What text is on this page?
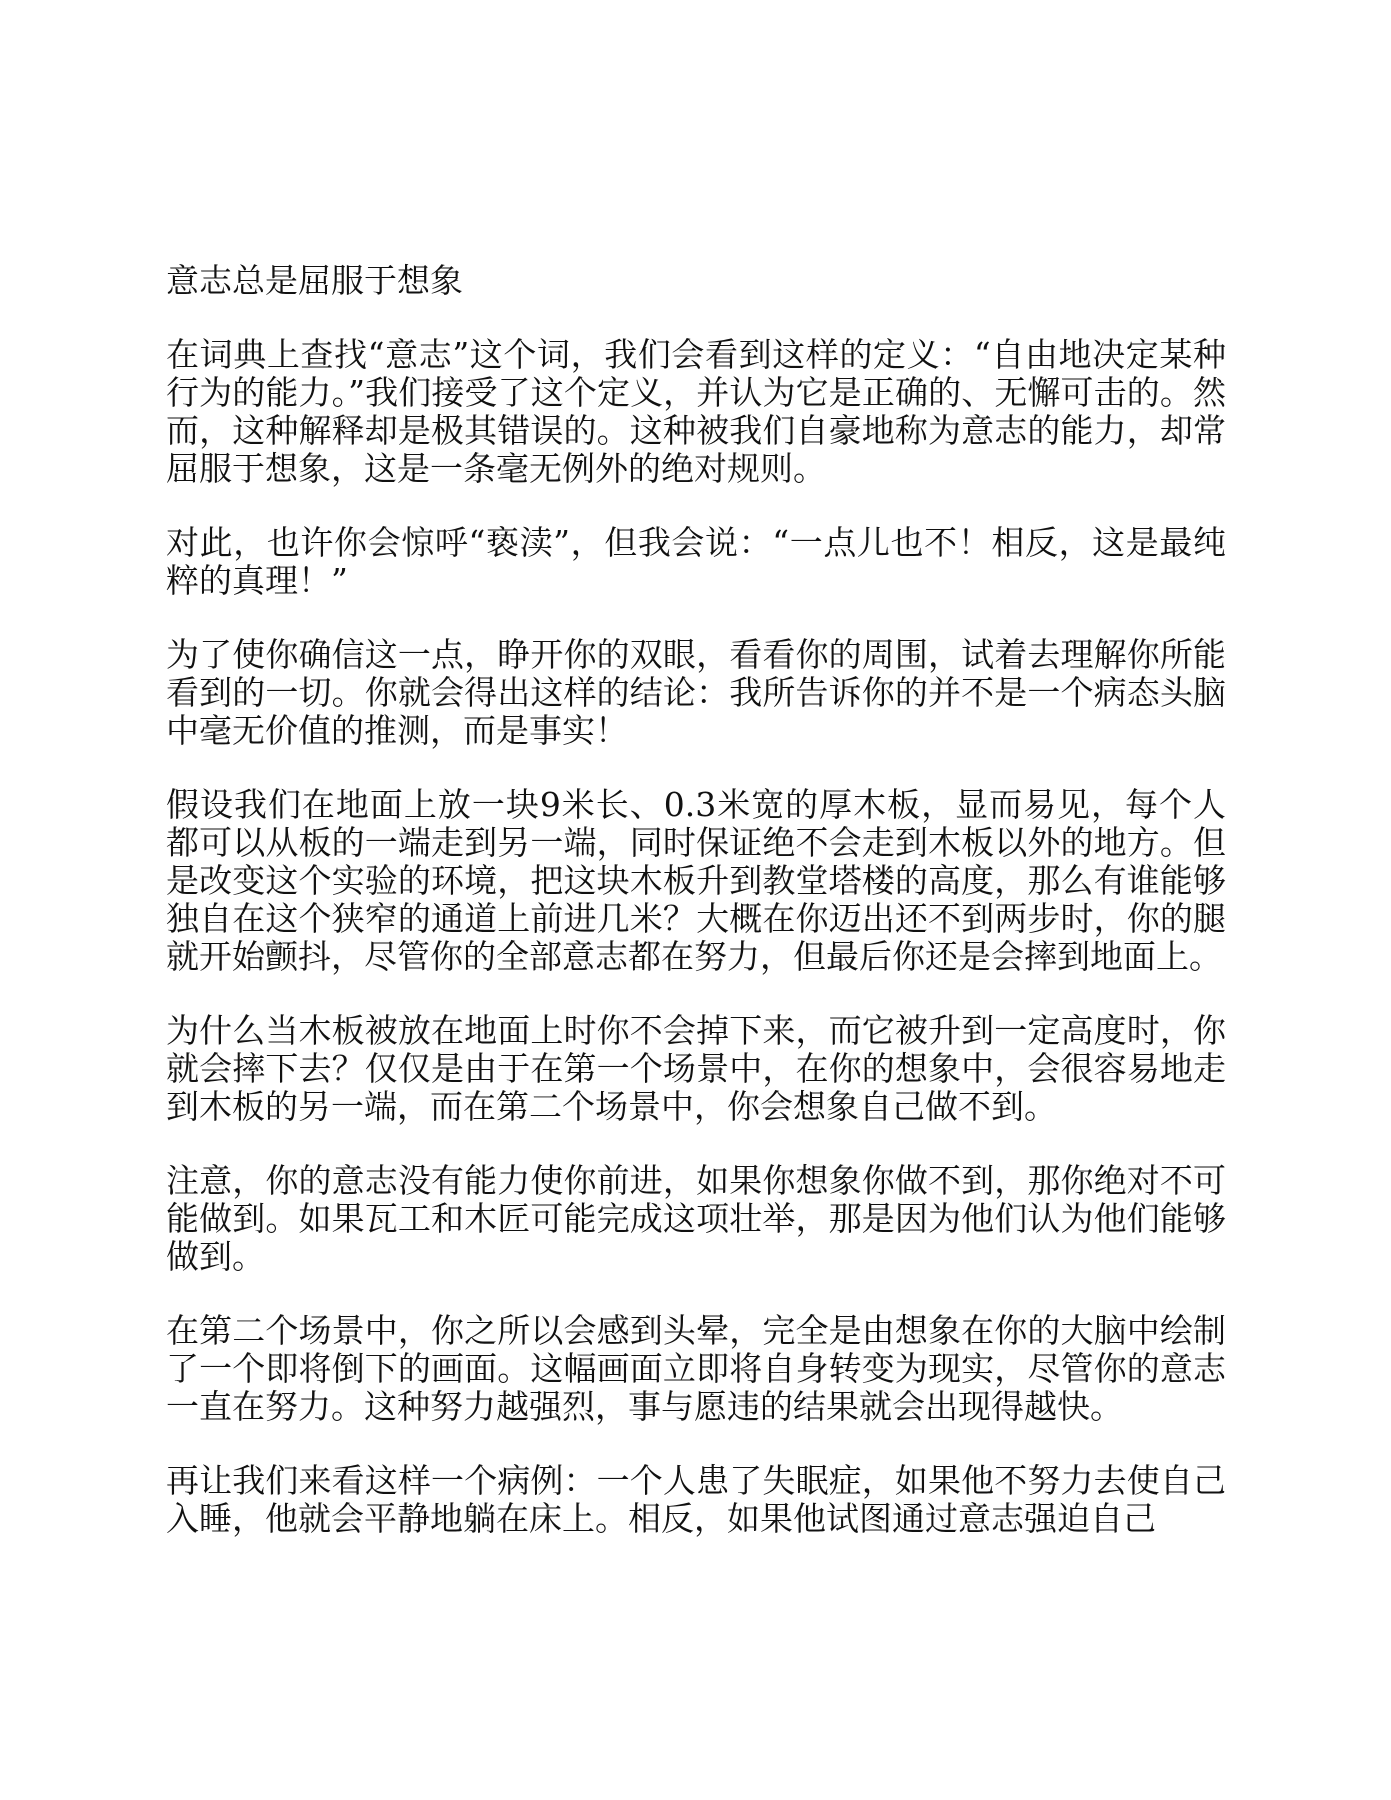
意志总是屈服于想象

在词典上查找“意志”这个词，我们会看到这样的定义：“自由地决定某种行为的能力。”我们接受了这个定义，并认为它是正确的、无懈可击的。然而，这种解释却是极其错误的。这种被我们自豪地称为意志的能力，却常屈服于想象，这是一条毫无例外的绝对规则。

对此，也许你会惊呼“亵渎”，但我会说：“一点儿也不！相反，这是最纯粹的真理！”

为了使你确信这一点，睁开你的双眼，看看你的周围，试着去理解你所能看到的一切。你就会得出这样的结论：我所告诉你的并不是一个病态头脑中毫无价值的推测，而是事实！

假设我们在地面上放一块9米长、0.3米宽的厚木板，显而易见，每个人都可以从板的一端走到另一端，同时保证绝不会走到木板以外的地方。但是改变这个实验的环境，把这块木板升到教堂塔楼的高度，那么有谁能够独自在这个狭窄的通道上前进几米？大概在你迈出还不到两步时，你的腿就开始颤抖，尽管你的全部意志都在努力，但最后你还是会摔到地面上。

为什么当木板被放在地面上时你不会掉下来，而它被升到一定高度时，你就会摔下去？仅仅是由于在第一个场景中，在你的想象中，会很容易地走到木板的另一端，而在第二个场景中，你会想象自己做不到。

注意，你的意志没有能力使你前进，如果你想象你做不到，那你绝对不可能做到。如果瓦工和木匠可能完成这项壮举，那是因为他们认为他们能够做到。

在第二个场景中，你之所以会感到头晕，完全是由想象在你的大脑中绘制了一个即将倒下的画面。这幅画面立即将自身转变为现实，尽管你的意志一直在努力。这种努力越强烈，事与愿违的结果就会出现得越快。

再让我们来看这样一个病例：一个人患了失眠症，如果他不努力去使自己入睡，他就会平静地躺在床上。相反，如果他试图通过意志强迫自己
